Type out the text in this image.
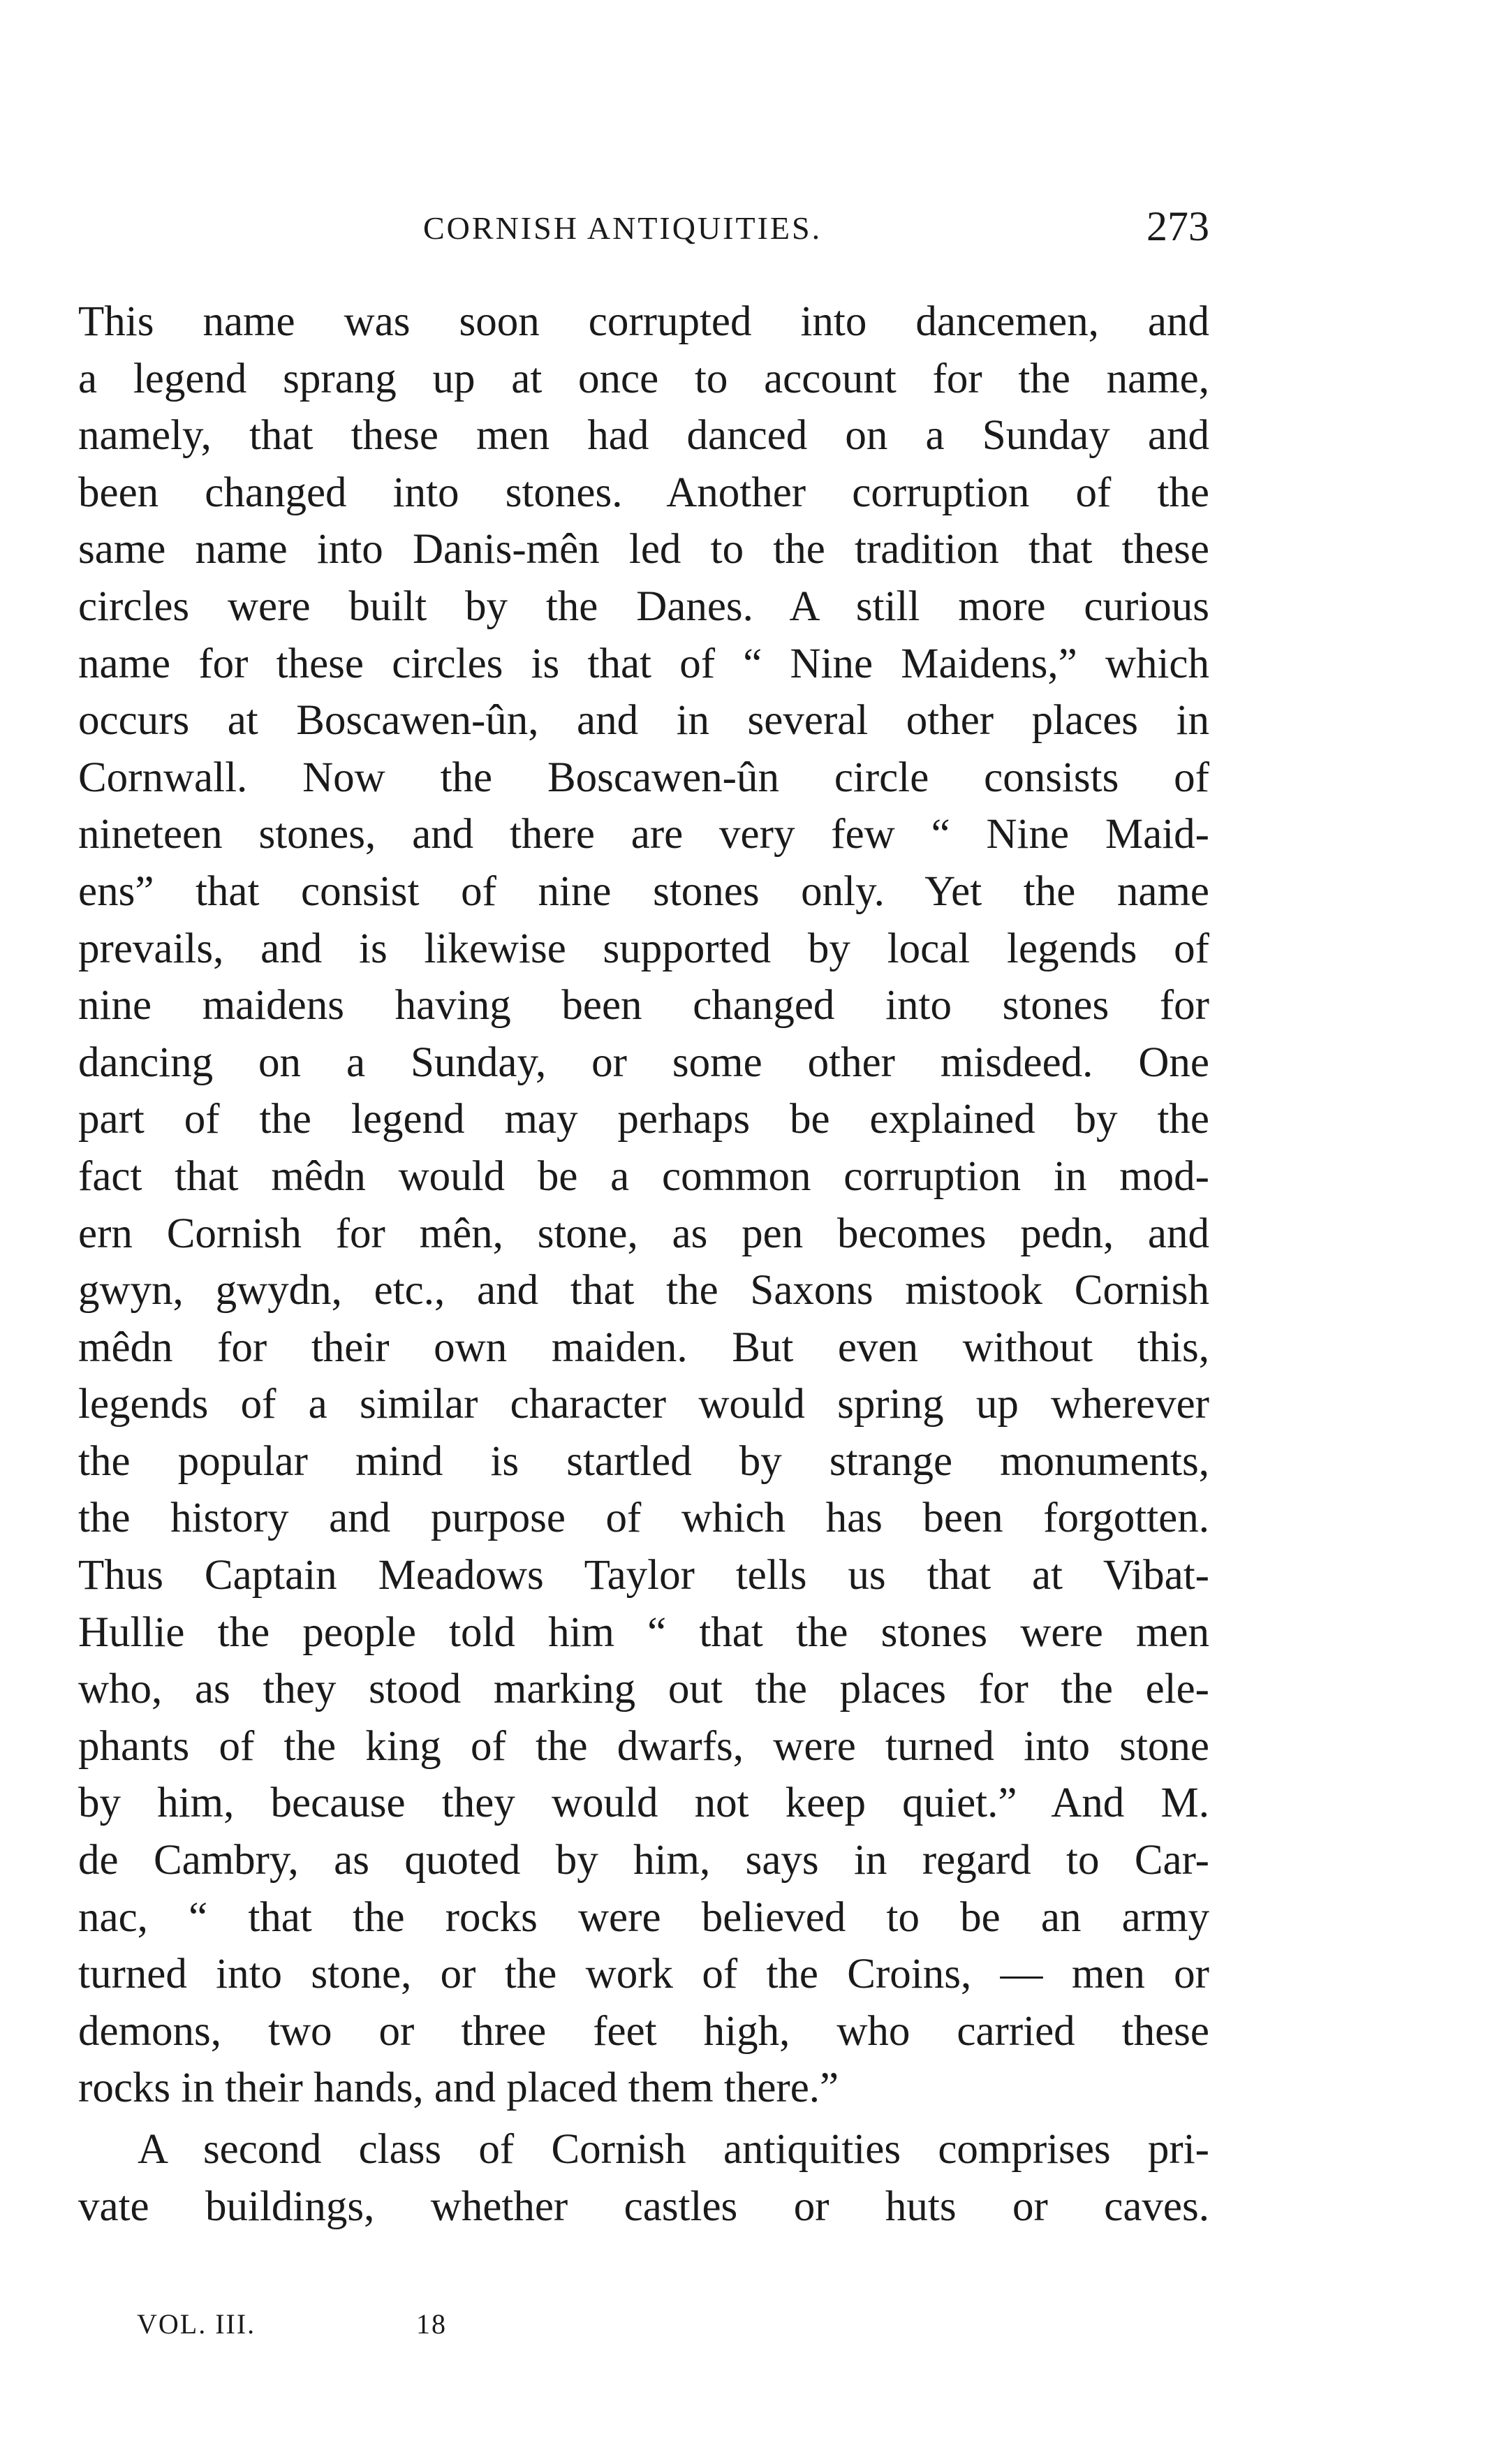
CORNISH ANTIQUITIES.	273
This name was soon corrupted into dancemen, and
a legend sprang up at once to account for the name,
namely, that these men had danced on a Sunday and
been changed into stones. Another corruption of the
same name into Danis-mên led to the tradition that these
circles were built by the Danes. A still more curious
name for these circles is that of “ Nine Maidens,” which
occurs at Boscawen-ûn, and in several other places in
Cornwall. Now the Boscawen-ûn circle consists of
nineteen stones, and there are very few “ Nine Maid-
ens” that consist of nine stones only. Yet the name
prevails, and is likewise supported by local legends of
nine maidens having been changed into stones for
dancing on a Sunday, or some other misdeed. One
part of the legend may perhaps be explained by the
fact that mêdn would be a common corruption in mod-
ern Cornish for mên, stone, as pen becomes pedn, and
gwyn, gwydn, etc., and that the Saxons mistook Cornish
mêdn for their own maiden. But even without this,
legends of a similar character would spring up wherever
the popular mind is startled by strange monuments,
the history and purpose of which has been forgotten.
Thus Captain Meadows Taylor tells us that at Vibat-
Hullie the people told him “ that the stones were men
who, as they stood marking out the places for the ele-
phants of the king of the dwarfs, were turned into stone
by him, because they would not keep quiet.” And M.
de Cambry, as quoted by him, says in regard to Car-
nac, “ that the rocks were believed to be an army
turned into stone, or the work of the Croins, — men or
demons, two or three feet high, who carried these
rocks in their hands, and placed them there.”
A second class of Cornish antiquities comprises pri-
vate buildings, whether castles or huts or caves.
VOL. III.	18
